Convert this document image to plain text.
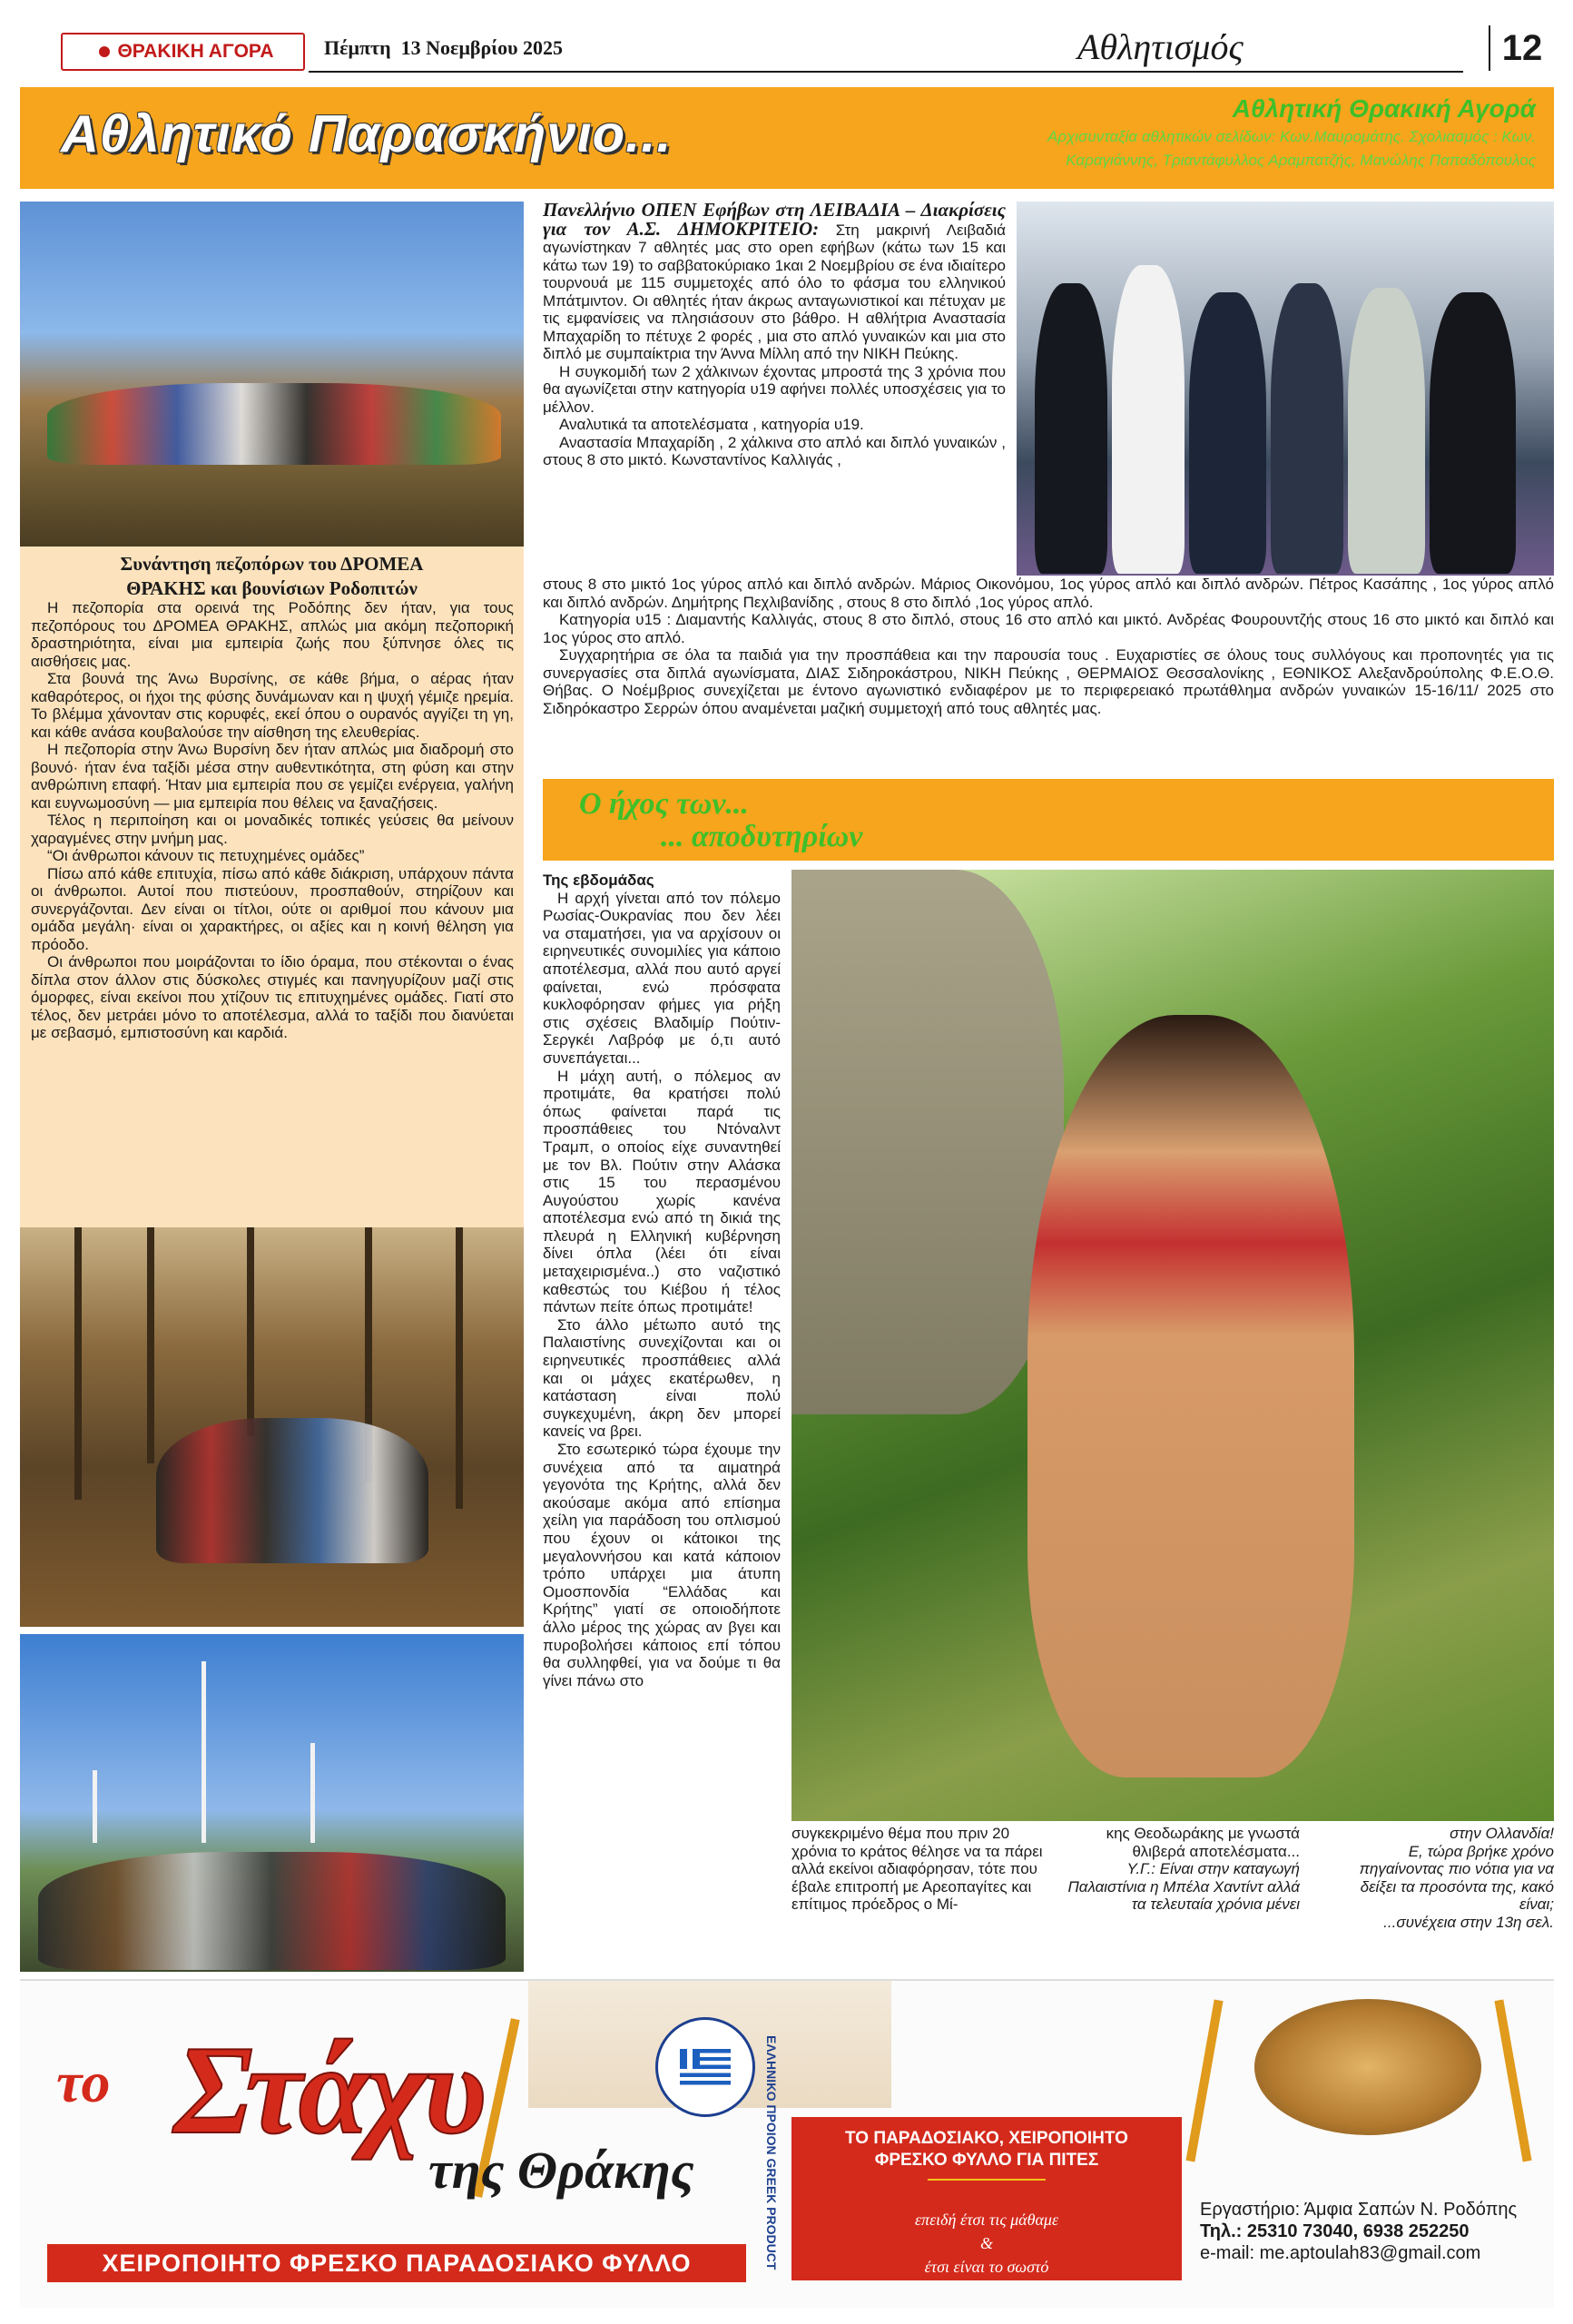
ΘΡΑΚΙΚΗ ΑΓΟΡΑ	Πέμπτη 13 Νοεμβρίου 2025	Αθλητισμός	12
Αθλητικό Παρασκήνιο...	Αθλητική Θρακική Αγορά
Αρχισυνταξία αθλητικών σελίδων: Κων.Μαυρομάτης. Σχολιασμός : Κων.
Καραγιάννης, Τριαντάφυλλος Αραμπατζής, Μανώλης Παπαδόπουλος
Συνάντηση πεζοπόρων του ΔΡΟΜΕΑ
ΘΡΑΚΗΣ και βουνίσιων Ροδοπιτών

Η πεζοπορία στα ορεινά της Ροδόπης δεν ήταν, για τους πεζοπόρους του ΔΡΟΜΕΑ ΘΡΑΚΗΣ, απλώς μια ακόμη πεζοπορική δραστηριότητα, είναι μια εμπειρία ζωής που ξύπνησε όλες τις αισθήσεις μας.

Στα βουνά της Άνω Βυρσίνης, σε κάθε βήμα, ο αέρας ήταν καθαρότερος, οι ήχοι της φύσης δυνάμωναν και η ψυχή γέμιζε ηρεμία. Το βλέμμα χάνονταν στις κορυφές, εκεί όπου ο ουρανός αγγίζει τη γη, και κάθε ανάσα κουβαλούσε την αίσθηση της ελευθερίας.

Η πεζοπορία στην Άνω Βυρσίνη δεν ήταν απλώς μια διαδρομή στο βουνό· ήταν ένα ταξίδι μέσα στην αυθεντικότητα, στη φύση και στην ανθρώπινη επαφή. Ήταν μια εμπειρία που σε γεμίζει ενέργεια, γαλήνη και ευγνωμοσύνη — μια εμπειρία που θέλεις να ξαναζήσεις.

Τέλος η περιποίηση και οι μοναδικές τοπικές γεύσεις θα μείνουν χαραγμένες στην μνήμη μας.

“Οι άνθρωποι κάνουν τις πετυχημένες ομάδες”

Πίσω από κάθε επιτυχία, πίσω από κάθε διάκριση, υπάρχουν πάντα οι άνθρωποι. Αυτοί που πιστεύουν, προσπαθούν, στηρίζουν και συνεργάζονται. Δεν είναι οι τίτλοι, ούτε οι αριθμοί που κάνουν μια ομάδα μεγάλη· είναι οι χαρακτήρες, οι αξίες και η κοινή θέληση για πρόοδο.

Οι άνθρωποι που μοιράζονται το ίδιο όραμα, που στέκονται ο ένας δίπλα στον άλλον στις δύσκολες στιγμές και πανηγυρίζουν μαζί στις όμορφες, είναι εκείνοι που χτίζουν τις επιτυχημένες ομάδες. Γιατί στο τέλος, δεν μετράει μόνο το αποτέλεσμα, αλλά το ταξίδι που διανύεται με σεβασμό, εμπιστοσύνη και καρδιά.

Πανελλήνιο ΟΠΕΝ Εφήβων στη ΛΕΙΒΑΔΙΑ – Διακρίσεις για τον Α.Σ. ΔΗΜΟΚΡΙΤΕΙΟ: Στη μακρινή Λειβαδιά αγωνίστηκαν 7 αθλητές μας στο open εφήβων (κάτω των 15 και κάτω των 19) το σαββατοκύριακο 1και 2 Νοεμβρίου σε ένα ιδιαίτερο τουρνουά με 115 συμμετοχές από όλο το φάσμα του ελληνικού Μπάτμιντον. Οι αθλητές ήταν άκρως ανταγωνιστικοί και πέτυχαν με τις εμφανίσεις να πλησιάσουν στο βάθρο. Η αθλήτρια Αναστασία Μπαχαρίδη το πέτυχε 2 φορές , μια στο απλό γυναικών και μια στο διπλό με συμπαίκτρια την Άννα Μίλλη από την ΝΙΚΗ Πεύκης.

Η συγκομιδή των 2 χάλκινων έχοντας μπροστά της 3 χρόνια που θα αγωνίζεται στην κατηγορία υ19 αφήνει πολλές υποσχέσεις για το μέλλον.

Αναλυτικά τα αποτελέσματα , κατηγορία υ19.

Αναστασία Μπαχαρίδη , 2 χάλκινα στο απλό και διπλό γυναικών , στους 8 στο μικτό. Κωνσταντίνος Καλλιγάς ,

στους 8 στο μικτό 1ος γύρος απλό και διπλό ανδρών. Μάριος Οικονόμου, 1ος γύρος απλό και διπλό ανδρών. Πέτρος Κασάπης , 1ος γύρος απλό και διπλό ανδρών. Δημήτρης Πεχλιβανίδης , στους 8 στο διπλό ,1ος γύρος απλό.

Κατηγορία υ15 : Διαμαντής Καλλιγάς, στους 8 στο διπλό, στους 16 στο απλό και μικτό. Ανδρέας Φουρουντζής στους 16 στο μικτό και διπλό και 1ος γύρος στο απλό.

Συγχαρητήρια σε όλα τα παιδιά για την προσπάθεια και την παρουσία τους . Ευχαριστίες σε όλους τους συλλόγους και προπονητές για τις συνεργασίες στα διπλά αγωνίσματα, ΔΙΑΣ Σιδηροκάστρου, ΝΙΚΗ Πεύκης , ΘΕΡΜΑΙΟΣ Θεσσαλονίκης , ΕΘΝΙΚΟΣ Αλεξανδρούπολης Φ.Ε.Ο.Θ. Θήβας. Ο Νοέμβριος συνεχίζεται με έντονο αγωνιστικό ενδιαφέρον με το περιφερειακό πρωτάθλημα ανδρών γυναικών 15-16/11/ 2025 στο Σιδηρόκαστρο Σερρών όπου αναμένεται μαζική συμμετοχή από τους αθλητές μας.

Ο ήχος των...
... αποδυτηρίων

Της εβδομάδας

Η αρχή γίνεται από τον πόλεμο Ρωσίας-Ουκρανίας που δεν λέει να σταματήσει, για να αρχίσουν οι ειρηνευτικές συνομιλίες για κάποιο αποτέλεσμα, αλλά που αυτό αργεί φαίνεται, ενώ πρόσφατα κυκλοφόρησαν φήμες για ρήξη στις σχέσεις Βλαδιμίρ Πούτιν- Σεργκέι Λαβρόφ με ό,τι αυτό συνεπάγεται...

Η μάχη αυτή, ο πόλεμος αν προτιμάτε, θα κρατήσει πολύ όπως φαίνεται παρά τις προσπάθειες του Ντόναλντ Τραμπ, ο οποίος είχε συναντηθεί με τον Βλ. Πούτιν στην Αλάσκα στις 15 του περασμένου Αυγούστου χωρίς κανένα αποτέλεσμα ενώ από τη δικιά της πλευρά η Ελληνική κυβέρνηση δίνει όπλα (λέει ότι είναι μεταχειρισμένα..) στο ναζιστικό καθεστώς του Κιέβου ή τέλος πάντων πείτε όπως προτιμάτε!

Στο άλλο μέτωπο αυτό της Παλαιστίνης συνεχίζονται και οι ειρηνευτικές προσπάθειες αλλά και οι μάχες εκατέρωθεν, η κατάσταση είναι πολύ συγκεχυμένη, άκρη δεν μπορεί κανείς να βρει.

Στο εσωτερικό τώρα έχουμε την συνέχεια από τα αιματηρά γεγονότα της Κρήτης, αλλά δεν ακούσαμε ακόμα από επίσημα χείλη για παράδοση του οπλισμού που έχουν οι κάτοικοι της μεγαλοννήσου και κατά κάποιον τρόπο υπάρχει μια άτυπη Ομοσπονδία “Ελλάδας και Κρήτης” γιατί σε οποιοδήποτε άλλο μέρος της χώρας αν βγει και πυροβολήσει κάποιος επί τόπου θα συλληφθεί, για να δούμε τι θα γίνει πάνω στο

συγκεκριμένο θέμα που πριν 20 χρόνια το κράτος θέλησε να τα πάρει αλλά εκείνοι αδιαφόρησαν, τότε που έβαλε επιτροπή με Αρεοπαγίτες και επίτιμος πρόεδρος ο Μί-

κης Θεοδωράκης με γνωστά θλιβερά αποτελέσματα...

Υ.Γ.: Είναι στην καταγωγή Παλαιστίνια η Μπέλα Χαντίντ αλλά τα τελευταία χρόνια μένει

στην Ολλανδία!

Ε, τώρα βρήκε χρόνο πηγαίνοντας πιο νότια για να δείξει τα προσόντα της, κακό είναι;

...συνέχεια στην 13η σελ.

το Στάχυ
της Θράκης	ΕΛΛΗΝΙΚΟ ΠΡΟΙΟΝ GREEK PRODUCT	ΤΟ ΠΑΡΑΔΟΣΙΑΚΟ, ΧΕΙΡΟΠΟΙΗΤΟ
ΦΡΕΣΚΟ ΦΥΛΛΟ ΓΙΑ ΠΙΤΕΣ
επειδή έτσι τις μάθαμε
&
έτσι είναι το σωστό
ΧΕΙΡΟΠΟΙΗΤΟ ΦΡΕΣΚΟ ΠΑΡΑΔΟΣΙΑΚΟ ΦΥΛΛΟ
Εργαστήριο: Άμφια Σαπών Ν. Ροδόπης
Τηλ.: 25310 73040, 6938 252250
e-mail: me.aptoulah83@gmail.com
